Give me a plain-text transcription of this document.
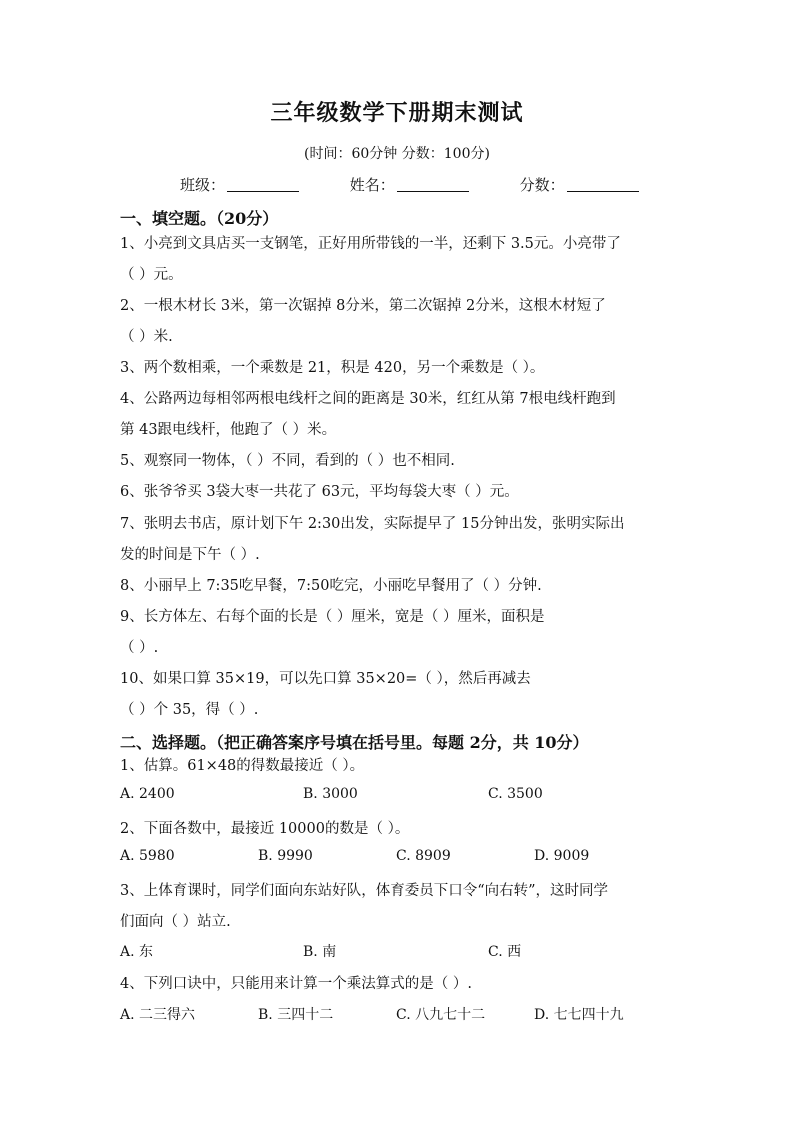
三年级数学下册期末测试
(时间：60分钟 分数：100分)
班级：	姓名：	分数：
一、填空题。（20分）
1、小亮到文具店买一支钢笔，正好用所带钱的一半，还剩下 3.5元。小亮带了
（ ）元。
2、一根木材长 3米，第一次锯掉 8分米，第二次锯掉 2分米，这根木材短了
（ ）米.
3、两个数相乘，一个乘数是 21，积是 420，另一个乘数是（ ）。
4、公路两边每相邻两根电线杆之间的距离是 30米，红红从第 7根电线杆跑到
第 43跟电线杆，他跑了（ ）米。
5、观察同一物体，（ ）不同，看到的（ ）也不相同.
6、张爷爷买 3袋大枣一共花了 63元，平均每袋大枣（ ）元。
7、张明去书店，原计划下午 2:30出发，实际提早了 15分钟出发，张明实际出
发的时间是下午（ ）.
8、小丽早上 7:35吃早餐，7:50吃完，小丽吃早餐用了（ ）分钟.
9、长方体左、右每个面的长是（ ）厘米，宽是（ ）厘米，面积是
（ ）.
10、如果口算 35×19，可以先口算 35×20=（ ），然后再减去
（ ）个 35，得（ ）.
二、选择题。（把正确答案序号填在括号里。每题 2分，共 10分）
1、估算。61×48的得数最接近（ ）。
A. 2400	B. 3000	C. 3500
2、下面各数中，最接近 10000的数是（ ）。
A. 5980	B. 9990	C. 8909	D. 9009
3、上体育课时，同学们面向东站好队，体育委员下口令“向右转”，这时同学
们面向（ ）站立.
A. 东	B. 南	C. 西
4、下列口诀中，只能用来计算一个乘法算式的是（ ）.
A. 二三得六	B. 三四十二	C. 八九七十二	D. 七七四十九
